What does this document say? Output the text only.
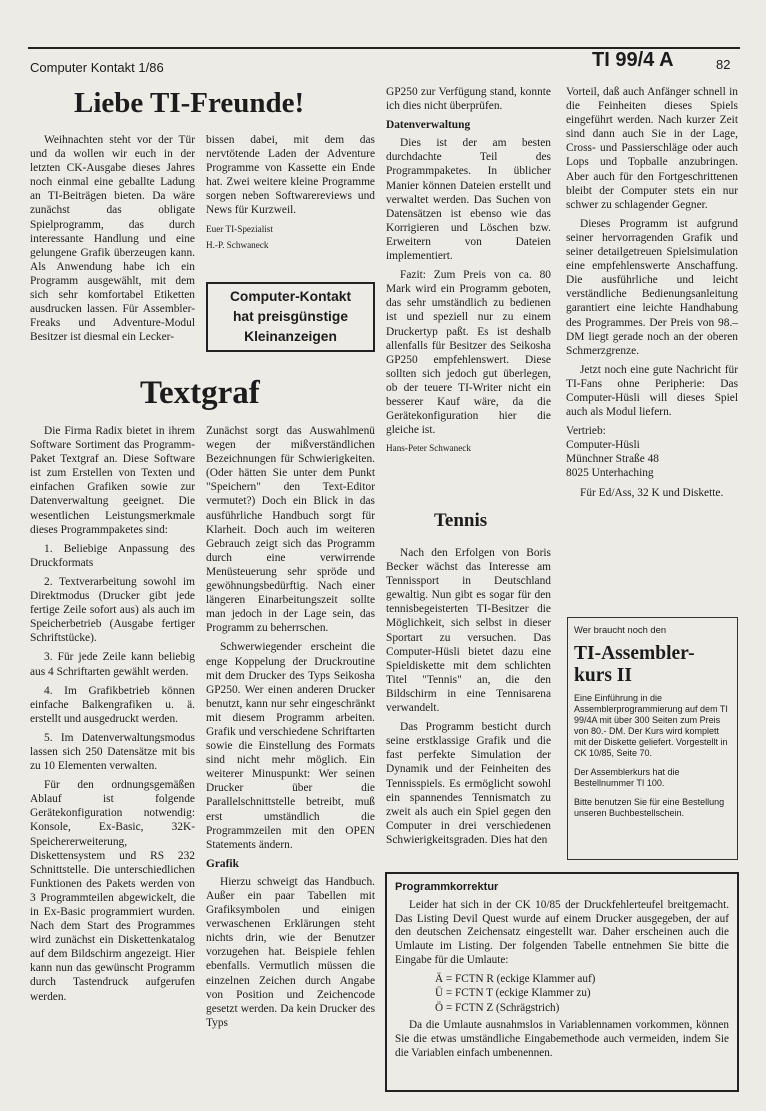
Computer Kontakt 1/86	TI 99/4 A	82
Liebe TI-Freunde!

Weihnachten steht vor der Tür und da wollen wir euch in der letzten CK-Ausgabe dieses Jahres noch einmal eine geballte Ladung an TI-Beiträgen bieten. Da wäre zunächst das obligate Spielprogramm, das durch interessante Handlung und eine gelungene Grafik überzeugen kann. Als Anwendung habe ich ein Programm ausgewählt, mit dem sich sehr komfortabel Etiketten ausdrucken lassen. Für Assembler-Freaks und Adventure-Modul Besitzer ist diesmal ein Lecker-

bissen dabei, mit dem das nervtötende Laden der Adventure Programme von Kassette ein Ende hat. Zwei weitere kleine Programme sorgen neben Softwarereviews und News für Kurzweil.

Euer TI-Spezialist

H.-P. Schwaneck

Computer-Kontakt
hat preisgünstige
Kleinanzeigen
Textgraf

Die Firma Radix bietet in ihrem Software Sortiment das Programm-Paket Textgraf an. Diese Software ist zum Erstellen von Texten und einfachen Grafiken sowie zur Datenverwaltung geeignet. Die wesentlichen Leistungsmerkmale dieses Programmpaketes sind:

1. Beliebige Anpassung des Druckformats
2. Textverarbeitung sowohl im Direktmodus (Drucker gibt jede fertige Zeile sofort aus) als auch im Speicherbetrieb (Ausgabe fertiger Schriftstücke).
3. Für jede Zeile kann beliebig aus 4 Schriftarten gewählt werden.
4. Im Grafikbetrieb können einfache Balkengrafiken u. ä. erstellt und ausgedruckt werden.
5. Im Datenverwaltungsmodus lassen sich 250 Datensätze mit bis zu 10 Elementen verwalten.

Für den ordnungsgemäßen Ablauf ist folgende Gerätekonfiguration notwendig: Konsole, Ex-Basic, 32K-Speichererweiterung, Diskettensystem und RS 232 Schnittstelle. Die unterschiedlichen Funktionen des Pakets werden von 3 Programmteilen abgewickelt, die in Ex-Basic programmiert wurden. Nach dem Start des Programmes wird zunächst ein Diskettenkatalog auf dem Bildschirm angezeigt. Hier kann nun das gewünscht Programm durch Tastendruck aufgerufen werden.

Zunächst sorgt das Auswahlmenü wegen der mißverständlichen Bezeichnungen für Schwierigkeiten. (Oder hätten Sie unter dem Punkt "Speichern" den Text-Editor vermutet?) Doch ein Blick in das ausführliche Handbuch sorgt für Klarheit. Doch auch im weiteren Gebrauch zeigt sich das Programm durch eine verwirrende Menüsteuerung sehr spröde und gewöhnungsbedürftig. Nach einer längeren Einarbeitungszeit sollte man jedoch in der Lage sein, das Programm zu beherrschen.

Schwerwiegender erscheint die enge Koppelung der Druckroutine mit dem Drucker des Typs Seikosha GP250. Wer einen anderen Drucker benutzt, kann nur sehr eingeschränkt mit diesem Programm arbeiten. Grafik und verschiedene Schriftarten sowie die Einstellung des Formats sind nicht mehr möglich. Ein weiterer Minuspunkt: Wer seinen Drucker über die Parallelschnittstelle betreibt, muß erst umständlich die Programmzeilen mit den OPEN Statements ändern.

Grafik

Hierzu schweigt das Handbuch. Außer ein paar Tabellen mit Grafiksymbolen und einigen verwaschenen Erklärungen steht nichts drin, wie der Benutzer vorzugehen hat. Beispiele fehlen ebenfalls. Vermutlich müssen die einzelnen Zeichen durch Angabe von Position und Zeichencode gesetzt werden. Da kein Drucker des Typs

GP250 zur Verfügung stand, konnte ich dies nicht überprüfen.

Datenverwaltung

Dies ist der am besten durchdachte Teil des Programmpaketes. In üblicher Manier können Dateien erstellt und verwaltet werden. Das Suchen von Datensätzen ist ebenso wie das Korrigieren und Löschen bzw. Erweitern von Dateien implementiert.

Fazit: Zum Preis von ca. 80 Mark wird ein Programm geboten, das sehr umständlich zu bedienen ist und speziell nur zu einem Druckertyp paßt. Es ist deshalb allenfalls für Besitzer des Seikosha GP250 empfehlenswert. Diese sollten sich jedoch gut überlegen, ob der teuere TI-Writer nicht ein besserer Kauf wäre, da die Gerätekonfiguration hier die gleiche ist.

Hans-Peter Schwaneck

Tennis

Nach den Erfolgen von Boris Becker wächst das Interesse am Tennissport in Deutschland gewaltig. Nun gibt es sogar für den tennisbegeisterten TI-Besitzer die Möglichkeit, sich selbst in dieser Sportart zu versuchen. Das Computer-Hüsli bietet dazu eine Spieldiskette mit dem schlichten Titel "Tennis" an, die den Bildschirm in eine Tennisarena verwandelt.

Das Programm besticht durch seine erstklassige Grafik und die fast perfekte Simulation der Dynamik und der Feinheiten des Tennisspiels. Es ermöglicht sowohl ein spannendes Tennismatch zu zweit als auch ein Spiel gegen den Computer in drei verschiedenen Schwierigkeitsgraden. Dies hat den

Vorteil, daß auch Anfänger schnell in die Feinheiten dieses Spiels eingeführt werden. Nach kurzer Zeit sind dann auch Sie in der Lage, Cross- und Passierschläge oder auch Lops und Topballe anzubringen. Aber auch für den Fortgeschrittenen bleibt der Computer stets ein nur schwer zu schlagender Gegner.

Dieses Programm ist aufgrund seiner hervorragenden Grafik und seiner detailgetreuen Spielsimulation eine empfehlenswerte Anschaffung. Die ausführliche und leicht verständliche Bedienungsanleitung garantiert eine leichte Handhabung des Programmes. Der Preis von 98.– DM liegt gerade noch an der oberen Schmerzgrenze.

Jetzt noch eine gute Nachricht für TI-Fans ohne Peripherie: Das Computer-Hüsli will dieses Spiel auch als Modul liefern.

Vertrieb:

Computer-Hüsli

Münchner Straße 48

8025 Unterhaching

Für Ed/Ass, 32 K und Diskette.

Wer braucht noch den
TI-Assembler-
kurs II

Eine Einführung in die Assemblerprogrammierung auf dem TI 99/4A mit über 300 Seiten zum Preis von 80.- DM. Der Kurs wird komplett mit der Diskette geliefert. Vorgestellt in CK 10/85, Seite 70.

Der Assemblerkurs hat die Bestellnummer TI 100.

Bitte benutzen Sie für eine Bestellung unseren Buchbestellschein.

Programmkorrektur

Leider hat sich in der CK 10/85 der Druckfehlerteufel breitgemacht. Das Listing Devil Quest wurde auf einem Drucker ausgegeben, der auf den deutschen Zeichensatz eingestellt war. Daher erscheinen auch die Umlaute im Listing. Der folgenden Tabelle entnehmen Sie bitte die Eingabe für die Umlaute:

Ä = FCTN R (eckige Klammer auf)

Ü = FCTN T (eckige Klammer zu)

Ö = FCTN Z (Schrägstrich)

Da die Umlaute ausnahmslos in Variablennamen vorkommen, können Sie die etwas umständliche Eingabemethode auch vermeiden, indem Sie die Variablen einfach umbenennen.
